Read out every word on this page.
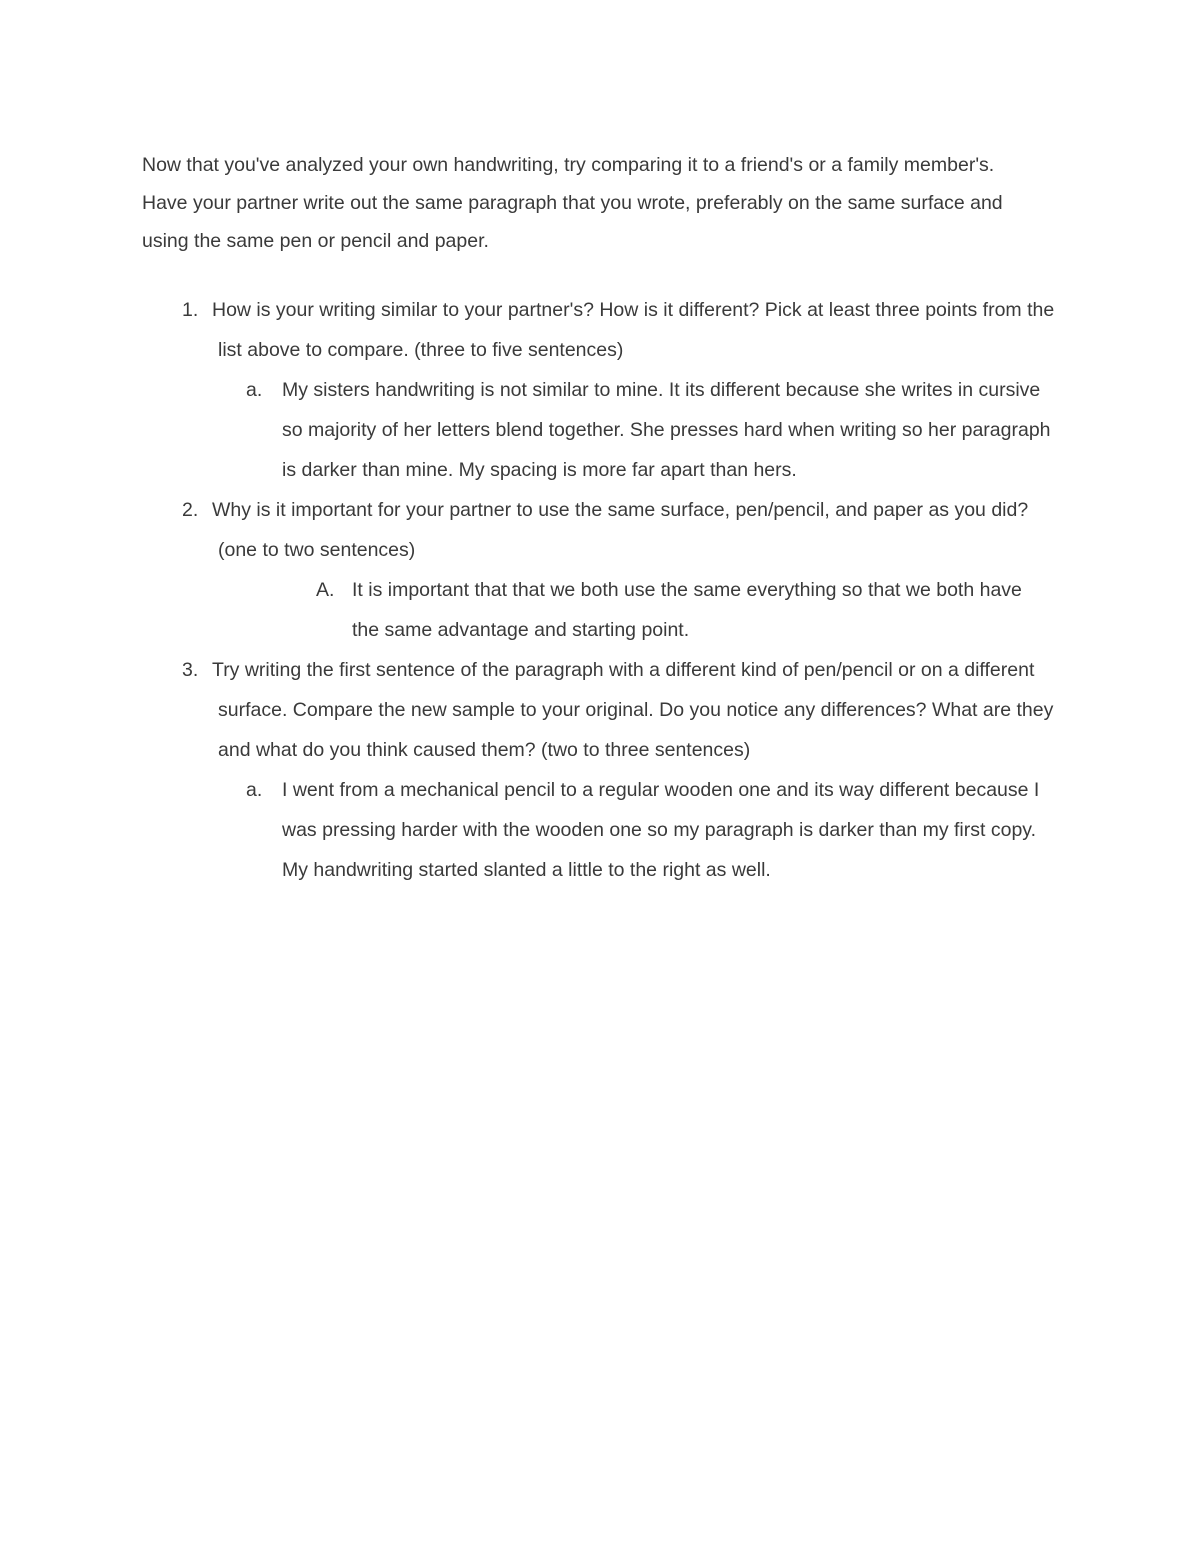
Now that you've analyzed your own handwriting, try comparing it to a friend's or a family member's. Have your partner write out the same paragraph that you wrote, preferably on the same surface and using the same pen or pencil and paper.

1. How is your writing similar to your partner's? How is it different? Pick at least three points from the list above to compare. (three to five sentences)
a. My sisters handwriting is not similar to mine. It its different because she writes in cursive so majority of her letters blend together. She presses hard when writing so her paragraph is darker than mine. My spacing is more far apart than hers.
2. Why is it important for your partner to use the same surface, pen/pencil, and paper as you did? (one to two sentences)
A. It is important that that we both use the same everything so that we both have the same advantage and starting point.
3. Try writing the first sentence of the paragraph with a different kind of pen/pencil or on a different surface. Compare the new sample to your original. Do you notice any differences? What are they and what do you think caused them? (two to three sentences)
a. I went from a mechanical pencil to a regular wooden one and its way different because I was pressing harder with the wooden one so my paragraph is darker than my first copy. My handwriting started slanted a little to the right as well.
